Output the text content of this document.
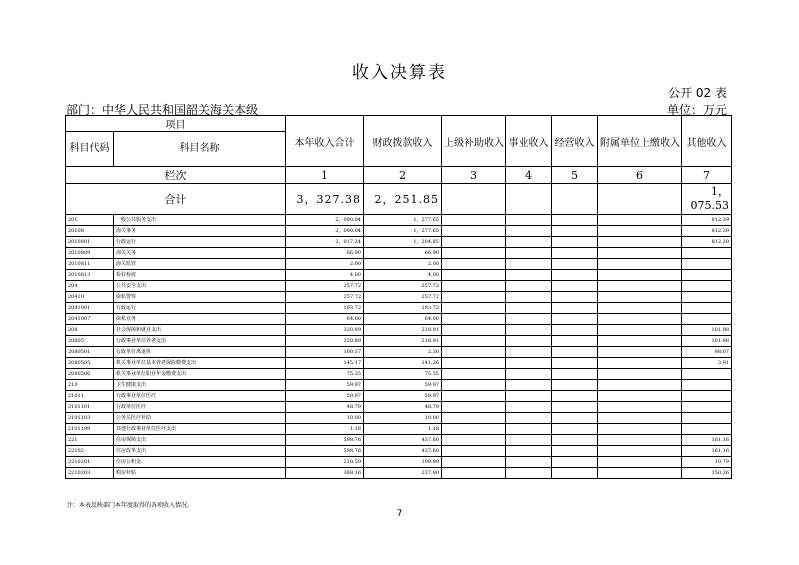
收入决算表
公开 02 表
部门：中华人民共和国韶关海关本级	单位：万元
项目		本年收入合计	财政拨款收入	上级补助收入	事业收入	经营收入	附属单位上缴收入	其他收入
科目代码	科目名称							
栏次		1	2	3	4	5	6	7
合计		3，327.38	2，251.85					1，075.53
201	一般公共服务支出	2，090.04	1，277.65					812.39
20108	海关事务	2，090.04	1，277.65					812.39
2010801	行政运行	2，017.24	1，204.85					812.39
2010809	海关关务	66.90	66.90					
2010811	海关监管	2.00	2.00					
2010813	检验检疫	4.00	4.00					
204	公共安全支出	257.72	257.72					
20410	缉私警察	257.72	257.72					
2041001	行政运行	193.72	193.72					
2041007	缉私业务	64.00	64.00					
208	社会保障和就业支出	320.89	218.91					101.98
20805	行政事业单位养老支出	320.89	218.91					101.98
2080501	行政单位离退休	100.37	2.30					98.07
2080505	机关事业单位基本养老保险缴费支出	145.17	141.26					3.91
2080506	机关事业单位职业年金缴费支出	75.35	75.35					
210	卫生健康支出	59.97	59.97					
21011	行政事业单位医疗	59.97	59.97					
2101101	行政单位医疗	48.79	48.79					
2101103	公务员医疗补助	10.00	10.00					
2101199	其他行政事业单位医疗支出	1.18	1.18					
221	住房保障支出	598.76	437.60					161.16
22102	住房改革支出	598.76	437.60					161.16
2210201	住房公积金	210.59	199.80					10.79
2210203	购房补贴	388.16	237.80					150.36
注：本表反映部门本年度取得的各项收入情况。
7
